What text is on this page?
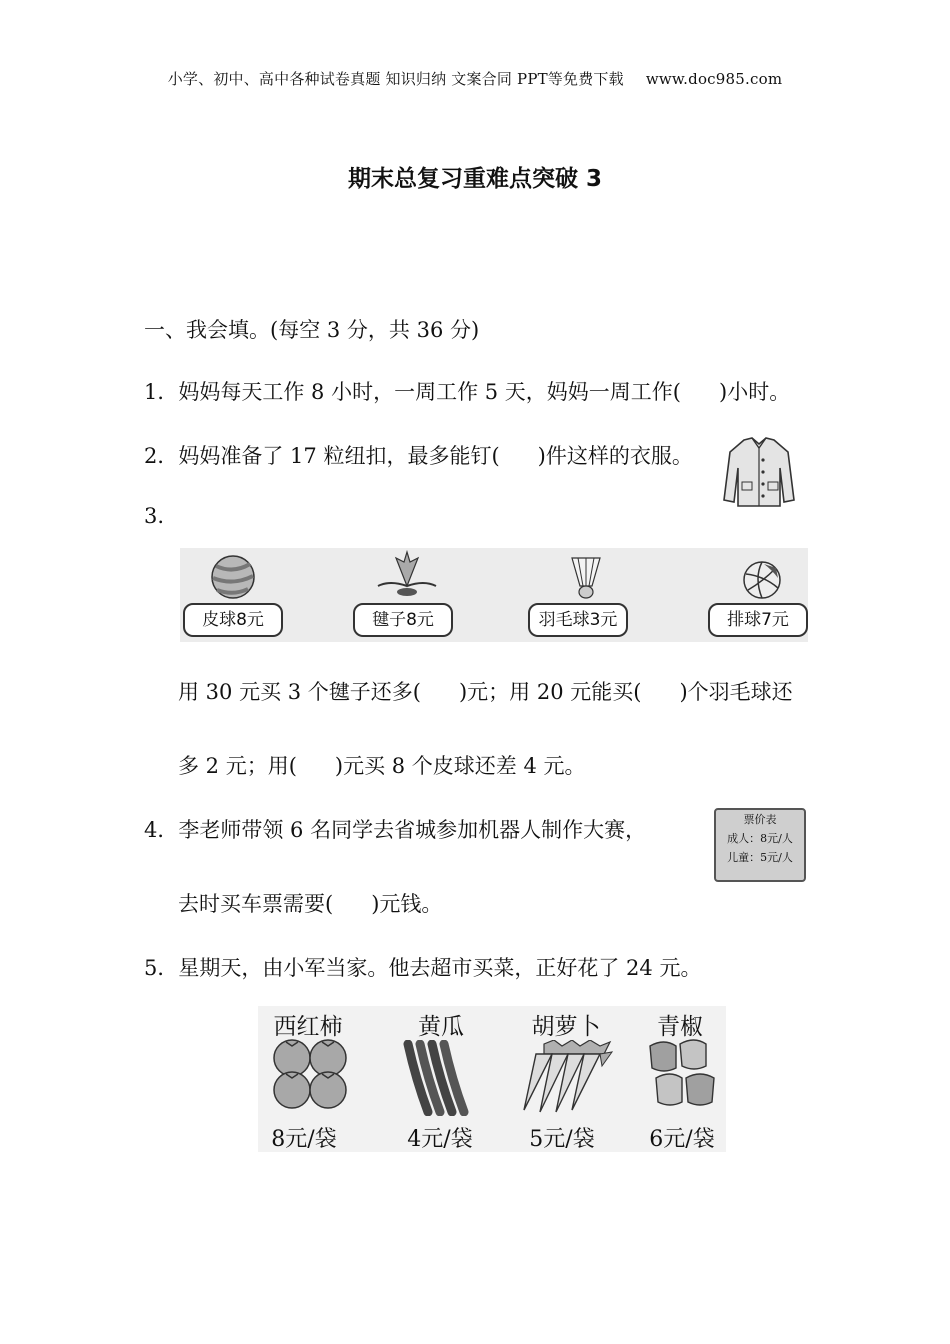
小学、初中、高中各种试卷真题 知识归纳 文案合同 PPT等免费下载 www.doc985.com
期末总复习重难点突破 3
一、我会填。(每空 3 分，共 36 分)
1．妈妈每天工作 8 小时，一周工作 5 天，妈妈一周工作( )小时。
2．妈妈准备了 17 粒纽扣，最多能钉( )件这样的衣服。
3.
皮球8元	毽子8元	羽毛球3元	排球7元
用 30 元买 3 个毽子还多( )元；用 20 元能买( )个羽毛球还
多 2 元；用( )元买 8 个皮球还差 4 元。
4．李老师带领 6 名同学去省城参加机器人制作大赛，	票价表
成人：8元/人
儿童：5元/人
去时买车票需要( )元钱。
5．星期天，由小军当家。他去超市买菜，正好花了 24 元。
西红柿	黄瓜	胡萝卜	青椒
8元/袋	4元/袋	5元/袋	6元/袋
